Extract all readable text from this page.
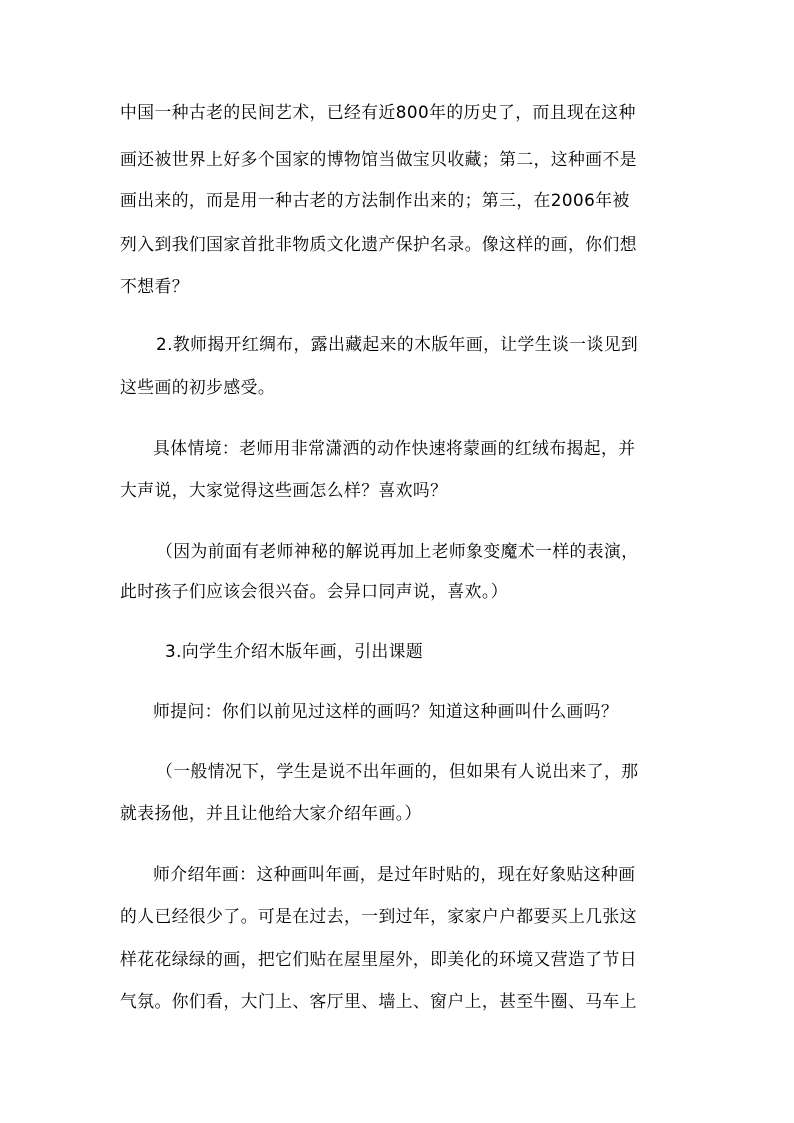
中国一种古老的民间艺术，已经有近800年的历史了，而且现在这种
画还被世界上好多个国家的博物馆当做宝贝收藏；第二，这种画不是
画出来的，而是用一种古老的方法制作出来的；第三，在2006年被
列入到我们国家首批非物质文化遗产保护名录。像这样的画，你们想
不想看？
2.教师揭开红绸布，露出藏起来的木版年画，让学生谈一谈见到
这些画的初步感受。
具体情境：老师用非常潇洒的动作快速将蒙画的红绒布揭起，并
大声说，大家觉得这些画怎么样？喜欢吗？
（因为前面有老师神秘的解说再加上老师象变魔术一样的表演，
此时孩子们应该会很兴奋。会异口同声说，喜欢。）
3.向学生介绍木版年画，引出课题
师提问：你们以前见过这样的画吗？知道这种画叫什么画吗？
（一般情况下，学生是说不出年画的，但如果有人说出来了，那
就表扬他，并且让他给大家介绍年画。）
师介绍年画：这种画叫年画，是过年时贴的，现在好象贴这种画
的人已经很少了。可是在过去，一到过年，家家户户都要买上几张这
样花花绿绿的画，把它们贴在屋里屋外，即美化的环境又营造了节日
气氛。你们看，大门上、客厅里、墙上、窗户上，甚至牛圈、马车上
